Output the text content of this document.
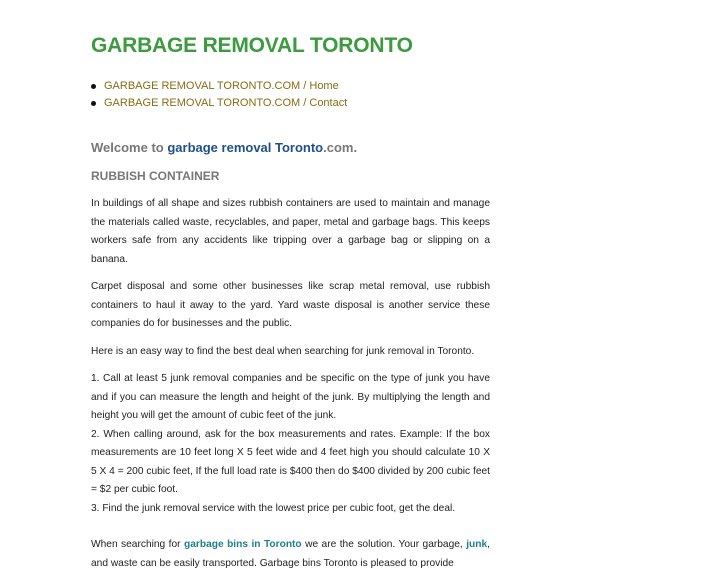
GARBAGE REMOVAL TORONTO
GARBAGE REMOVAL TORONTO.COM / Home
GARBAGE REMOVAL TORONTO.COM / Contact
Welcome to garbage removal Toronto.com.
RUBBISH CONTAINER

In buildings of all shape and sizes rubbish containers are used to maintain and manage the materials called waste, recyclables, and paper, metal and garbage bags. This keeps workers safe from any accidents like tripping over a garbage bag or slipping on a banana.

Carpet disposal and some other businesses like scrap metal removal, use rubbish containers to haul it away to the yard. Yard waste disposal is another service these companies do for businesses and the public.

Here is an easy way to find the best deal when searching for junk removal in Toronto.

1. Call at least 5 junk removal companies and be specific on the type of junk you have and if you can measure the length and height of the junk. By multiplying the length and height you will get the amount of cubic feet of the junk.
2. When calling around, ask for the box measurements and rates. Example: If the box measurements are 10 feet long X 5 feet wide and 4 feet high you should calculate 10 X 5 X 4 = 200 cubic feet, If the full load rate is $400 then do $400 divided by 200 cubic feet = $2 per cubic foot.
3. Find the junk removal service with the lowest price per cubic foot, get the deal.

When searching for garbage bins in Toronto we are the solution. Your garbage, junk, and waste can be easily transported. Garbage bins Toronto is pleased to provide
